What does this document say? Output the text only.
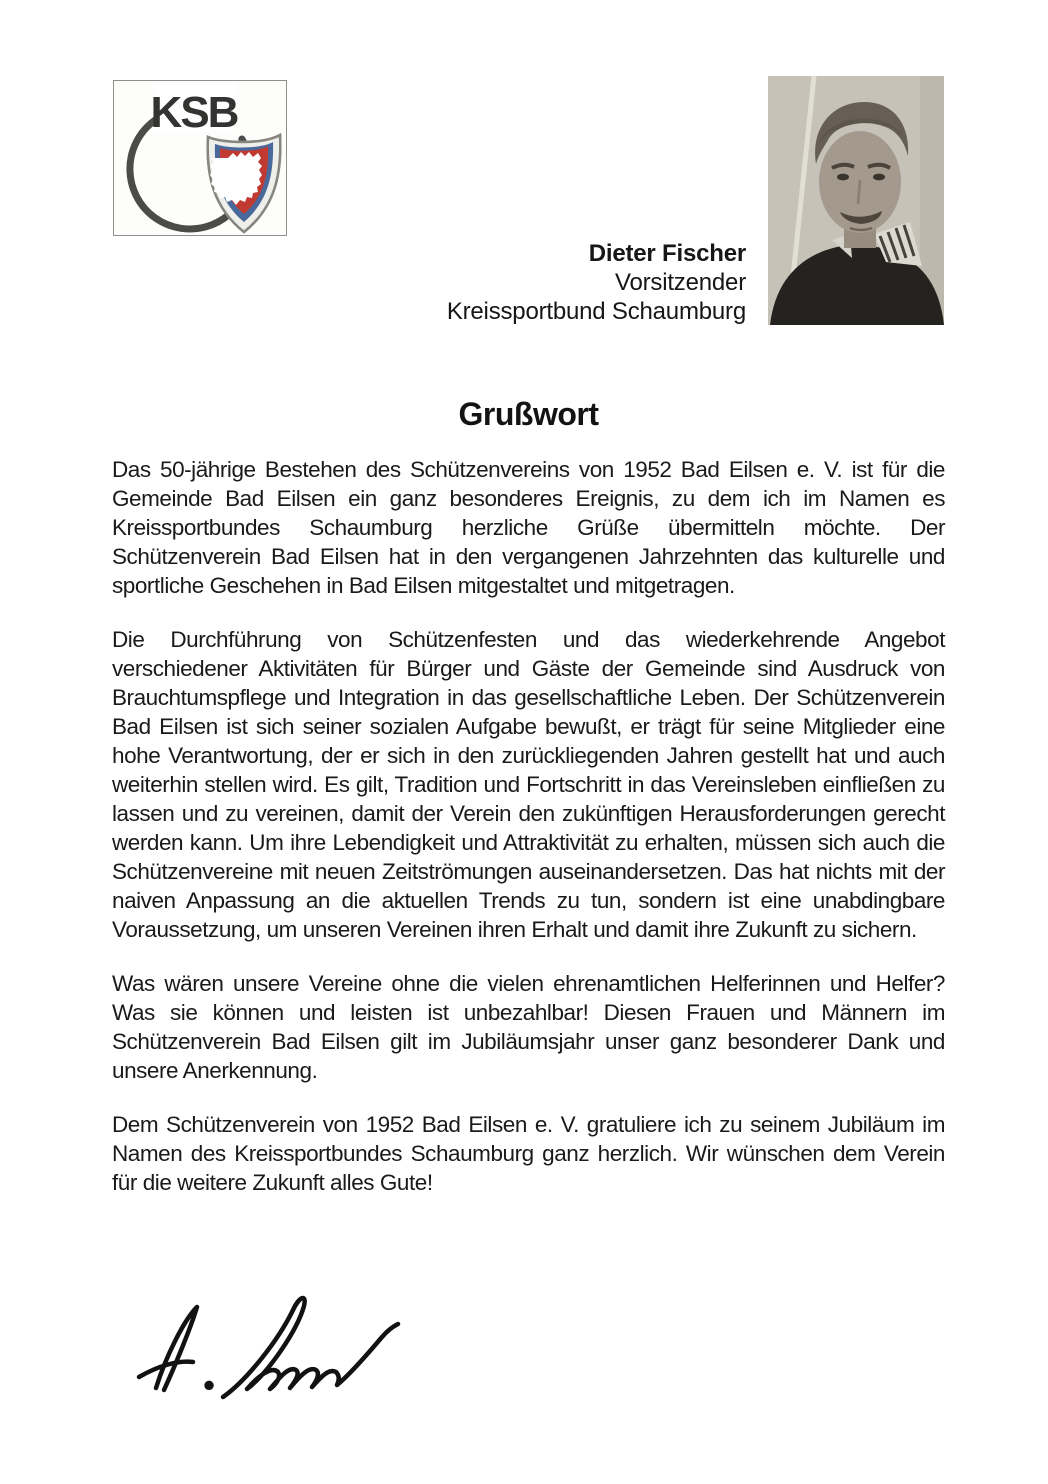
KSB
Dieter Fischer
Vorsitzender
Kreissportbund Schaumburg
Grußwort

Das 50-jährige Bestehen des Schützenvereins von 1952 Bad Eilsen e. V. ist für die Gemeinde Bad Eilsen ein ganz besonderes Ereignis, zu dem ich im Namen es Kreissportbundes Schaumburg herzliche Grüße übermitteln möchte. Der Schützenverein Bad Eilsen hat in den vergangenen Jahrzehnten das kulturelle und sportliche Geschehen in Bad Eilsen mitgestaltet und mitgetragen.

Die Durchführung von Schützenfesten und das wiederkehrende Angebot verschiedener Aktivitäten für Bürger und Gäste der Gemeinde sind Ausdruck von Brauchtumspflege und Integration in das gesellschaftliche Leben. Der Schützenverein Bad Eilsen ist sich seiner sozialen Aufgabe bewußt, er trägt für seine Mitglieder eine hohe Verantwortung, der er sich in den zurückliegenden Jahren gestellt hat und auch weiterhin stellen wird. Es gilt, Tradition und Fortschritt in das Vereinsleben einfließen zu lassen und zu vereinen, damit der Verein den zukünftigen Herausforderungen gerecht werden kann. Um ihre Lebendigkeit und Attraktivität zu erhalten, müssen sich auch die Schützenvereine mit neuen Zeitströmungen auseinandersetzen. Das hat nichts mit der naiven Anpassung an die aktuellen Trends zu tun, sondern ist eine unabdingbare Voraussetzung, um unseren Vereinen ihren Erhalt und damit ihre Zukunft zu sichern.

Was wären unsere Vereine ohne die vielen ehrenamtlichen Helferinnen und Helfer? Was sie können und leisten ist unbezahlbar! Diesen Frauen und Männern im Schützenverein Bad Eilsen gilt im Jubiläumsjahr unser ganz besonderer Dank und unsere Anerkennung.

Dem Schützenverein von 1952 Bad Eilsen e. V. gratuliere ich zu seinem Jubiläum im Namen des Kreissportbundes Schaumburg ganz herzlich. Wir wünschen dem Verein für die weitere Zukunft alles Gute!
